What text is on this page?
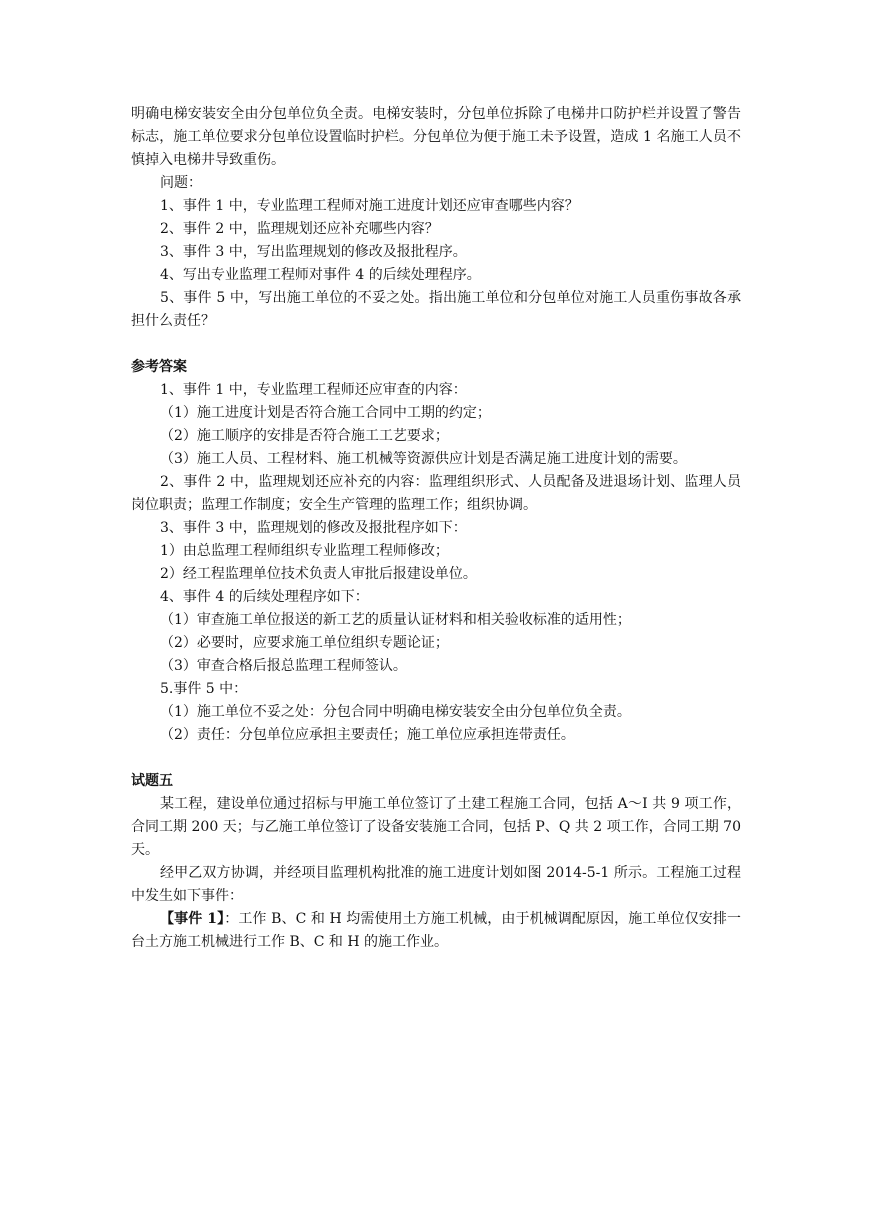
明确电梯安装安全由分包单位负全责。电梯安装时，分包单位拆除了电梯井口防护栏并设置了警告标志，施工单位要求分包单位设置临时护栏。分包单位为便于施工未予设置，造成 1 名施工人员不慎掉入电梯井导致重伤。

问题：

1、事件 1 中，专业监理工程师对施工进度计划还应审查哪些内容？

2、事件 2 中，监理规划还应补充哪些内容？

3、事件 3 中，写出监理规划的修改及报批程序。

4、写出专业监理工程师对事件 4 的后续处理程序。

5、事件 5 中，写出施工单位的不妥之处。指出施工单位和分包单位对施工人员重伤事故各承担什么责任？

参考答案

1、事件 1 中，专业监理工程师还应审查的内容：

（1）施工进度计划是否符合施工合同中工期的约定；

（2）施工顺序的安排是否符合施工工艺要求；

（3）施工人员、工程材料、施工机械等资源供应计划是否满足施工进度计划的需要。

2、事件 2 中，监理规划还应补充的内容：监理组织形式、人员配备及进退场计划、监理人员岗位职责；监理工作制度；安全生产管理的监理工作；组织协调。

3、事件 3 中，监理规划的修改及报批程序如下：

1）由总监理工程师组织专业监理工程师修改；

2）经工程监理单位技术负责人审批后报建设单位。

4、事件 4 的后续处理程序如下：

（1）审查施工单位报送的新工艺的质量认证材料和相关验收标准的适用性；

（2）必要时，应要求施工单位组织专题论证；

（3）审查合格后报总监理工程师签认。

5.事件 5 中：

（1）施工单位不妥之处：分包合同中明确电梯安装安全由分包单位负全责。

（2）责任：分包单位应承担主要责任；施工单位应承担连带责任。

试题五

某工程，建设单位通过招标与甲施工单位签订了土建工程施工合同，包括 A～I 共 9 项工作，合同工期 200 天；与乙施工单位签订了设备安装施工合同，包括 P、Q 共 2 项工作，合同工期 70 天。

经甲乙双方协调，并经项目监理机构批准的施工进度计划如图 2014-5-1 所示。工程施工过程中发生如下事件：

【事件 1】：工作 B、C 和 H 均需使用土方施工机械，由于机械调配原因，施工单位仅安排一台土方施工机械进行工作 B、C 和 H 的施工作业。
